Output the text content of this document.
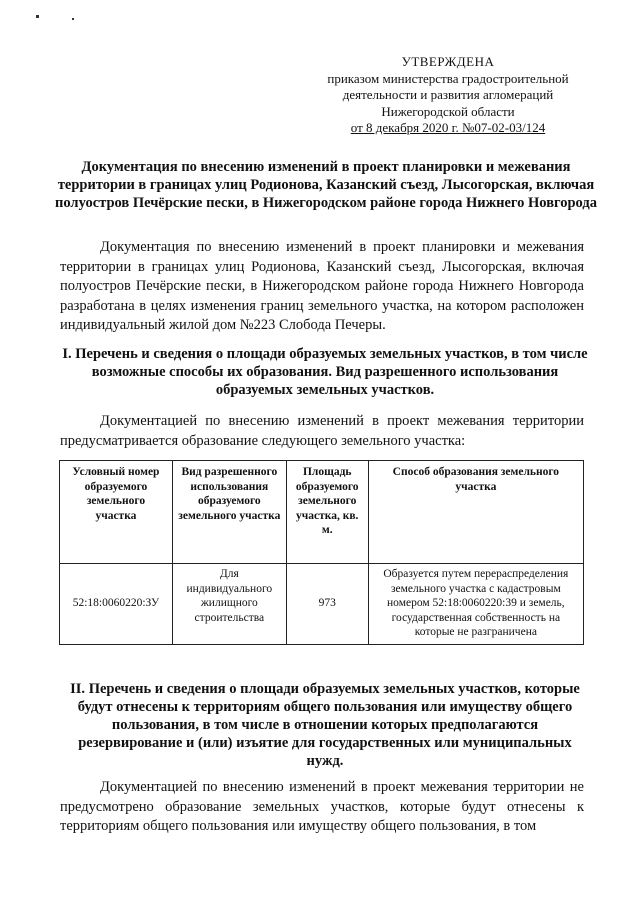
УТВЕРЖДЕНА
приказом министерства градостроительной
деятельности и развития агломераций
Нижегородской области
от 8 декабря 2020 г. №07-02-03/124
Документация по внесению изменений в проект планировки и межевания территории в границах улиц Родионова, Казанский съезд, Лысогорская, включая полуостров Печёрские пески, в Нижегородском районе города Нижнего Новгорода
Документация по внесению изменений в проект планировки и межевания территории в границах улиц Родионова, Казанский съезд, Лысогорская, включая полуостров Печёрские пески, в Нижегородском районе города Нижнего Новгорода разработана в целях изменения границ земельного участка, на котором расположен индивидуальный жилой дом №223 Слобода Печеры.
I. Перечень и сведения о площади образуемых земельных участков, в том числе возможные способы их образования. Вид разрешенного использования образуемых земельных участков.
Документацией по внесению изменений в проект межевания территории предусматривается образование следующего земельного участка:
Условный номер образуемого земельного участка	Вид разрешенного использования образуемого земельного участка	Площадь образуемого земельного участка, кв. м.	Способ образования земельного участка
52:18:0060220:ЗУ	Для индивидуального жилищного строительства	973	Образуется путем перераспределения земельного участка с кадастровым номером 52:18:0060220:39 и земель, государственная собственность на которые не разграничена
II. Перечень и сведения о площади образуемых земельных участков, которые будут отнесены к территориям общего пользования или имуществу общего пользования, в том числе в отношении которых предполагаются резервирование и (или) изъятие для государственных или муниципальных нужд.
Документацией по внесению изменений в проект межевания территории не предусмотрено образование земельных участков, которые будут отнесены к территориям общего пользования или имуществу общего пользования, в том
